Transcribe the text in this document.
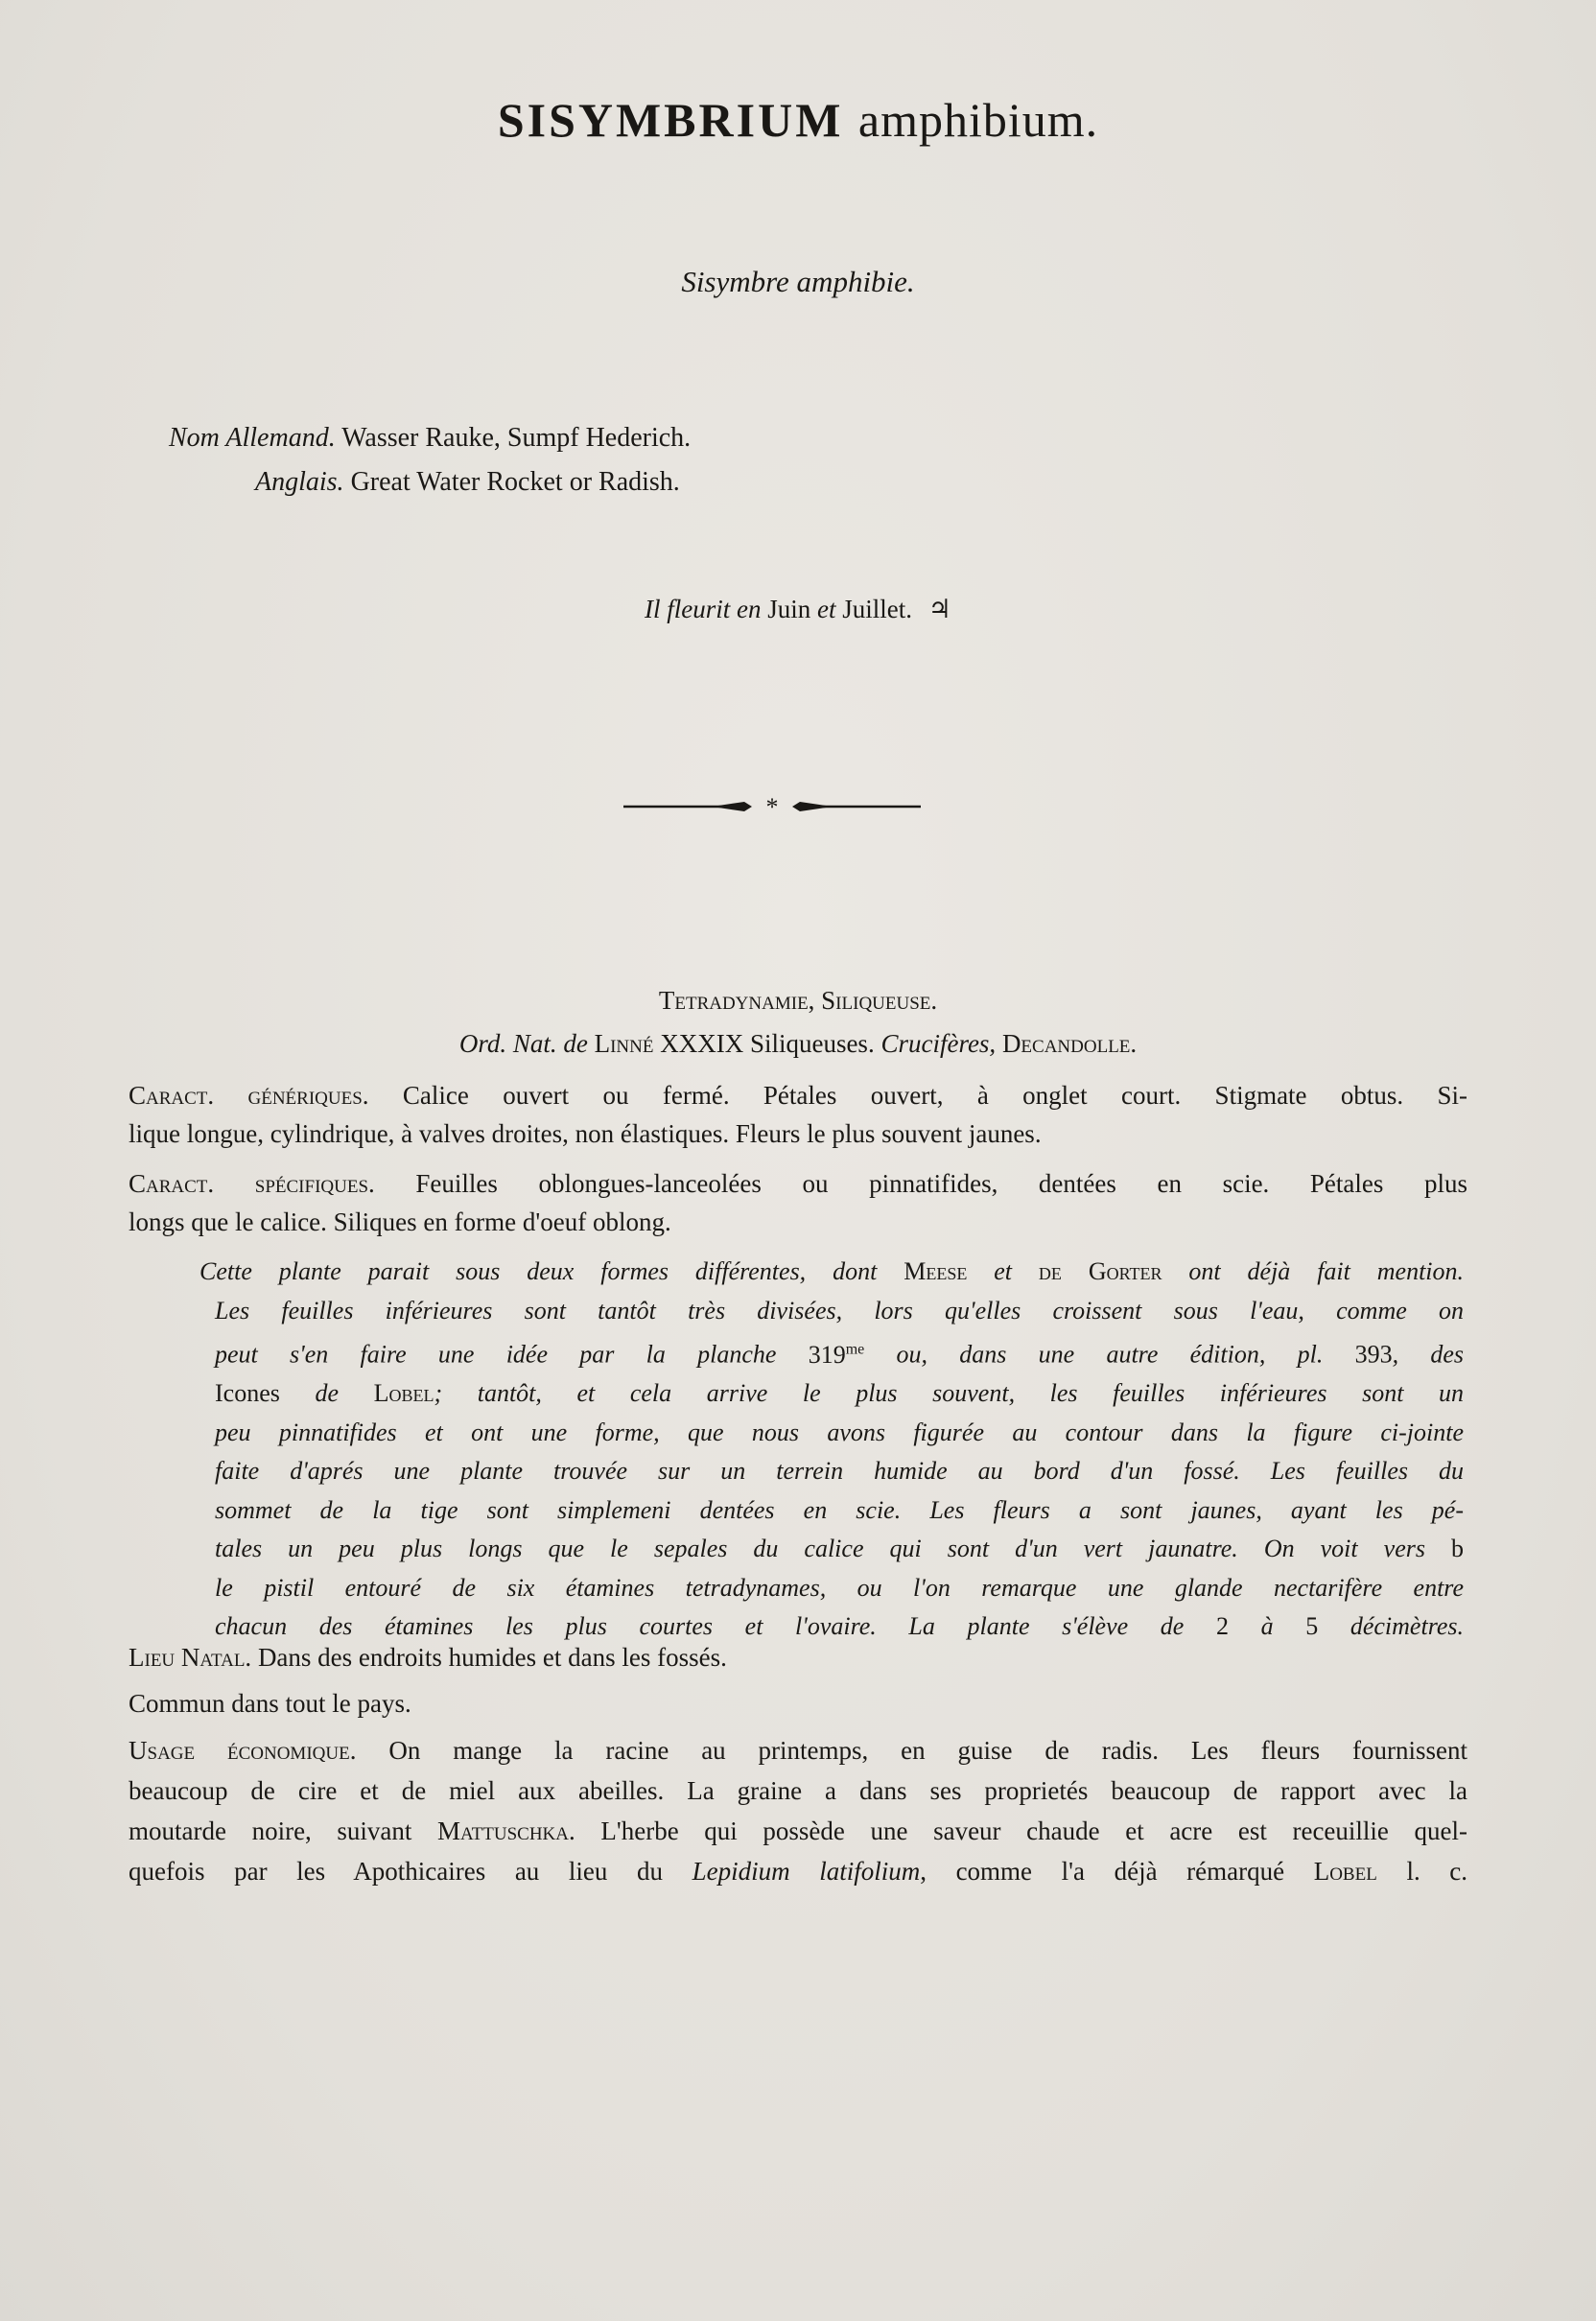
SISYMBRIUM amphibium.
Sisymbre amphibie.
Nom Allemand. Wasser Rauke, Sumpf Hederich.
Anglais. Great Water Rocket or Radish.
Il fleurit en Juin et Juillet. ♃
*
Tetradynamie, Siliqueuse.
Ord. Nat. de Linné XXXIX Siliqueuses. Crucifères, Decandolle.
Caract. génériques. Calice ouvert ou fermé. Pétales ouvert, à onglet court. Stigmate obtus. Si-
lique longue, cylindrique, à valves droites, non élastiques. Fleurs le plus souvent jaunes.
Caract. spécifiques. Feuilles oblongues-lanceolées ou pinnatifides, dentées en scie. Pétales plus
longs que le calice. Siliques en forme d'oeuf oblong.
Cette plante parait sous deux formes différentes, dont Meese et de Gorter ont déjà fait mention.
Les feuilles inférieures sont tantôt très divisées, lors qu'elles croissent sous l'eau, comme on
peut s'en faire une idée par la planche $319^{me}$ ou, dans une autre édition, pl. 393, des
Icones de Lobel; tantôt, et cela arrive le plus souvent, les feuilles inférieures sont un
peu pinnatifides et ont une forme, que nous avons figurée au contour dans la figure ci-jointe
faite d'aprés une plante trouvée sur un terrein humide au bord d'un fossé. Les feuilles du
sommet de la tige sont simplemeni dentées en scie. Les fleurs a sont jaunes, ayant les pé-
tales un peu plus longs que le sepales du calice qui sont d'un vert jaunatre. On voit vers b
le pistil entouré de six étamines tetradynames, ou l'on remarque une glande nectarifère entre
chacun des étamines les plus courtes et l'ovaire. La plante s'élève de 2 à 5 décimètres.
Lieu Natal. Dans des endroits humides et dans les fossés.
Commun dans tout le pays.
Usage économique. On mange la racine au printemps, en guise de radis. Les fleurs fournissent
beaucoup de cire et de miel aux abeilles. La graine a dans ses proprietés beaucoup de rapport avec la
moutarde noire, suivant Mattuschka. L'herbe qui possède une saveur chaude et acre est receuillie quel-
quefois par les Apothicaires au lieu du Lepidium latifolium, comme l'a déjà rémarqué Lobel l. c.
